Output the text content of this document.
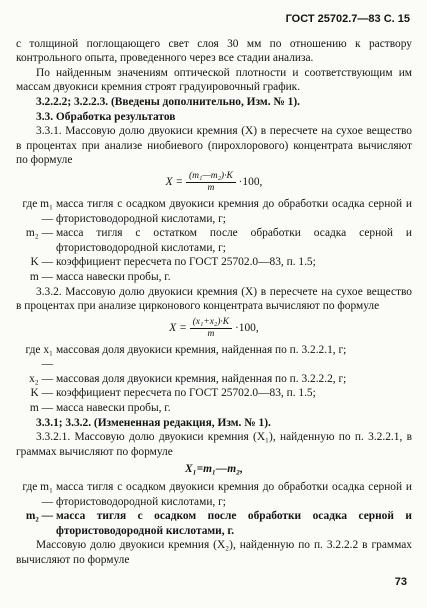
ГОСТ 25702.7—83 С. 15

с толщиной поглощающего свет слоя 30 мм по отношению к раствору контрольного опыта, проведенного через все стадии анализа.

По найденным значениям оптической плотности и соответствующим им массам двуокиси кремния строят градуировочный график.

3.2.2.2; 3.2.2.3. (Введены дополнительно, Изм. № 1).

3.3. Обработка результатов

3.3.1. Массовую долю двуокиси кремния (X) в пересчете на сухое вещество в процентах при анализе ниобиевого (пирохлорового) концентрата вычисляют по формуле

$X = \frac{\text{(m₁—m₂)·K}}{m} \cdot 100$,
где m₁ —
масса тигля с осадком двуокиси кремния до обработки осадка серной и фтористоводородной кислотами, г;
m₂ — масса тигля с остатком после обработки осадка серной и фтористоводородной кислотами, г;
K — коэффициент пересчета по ГОСТ 25702.0—83, п. 1.5;
m — масса навески пробы, г.

3.3.2. Массовую долю двуокиси кремния (X) в пересчете на сухое вещество в процентах при анализе цирконового концентрата вычисляют по формуле

$X = \frac{\text{(x₁+x₂)·K}}{m} \cdot 100$,
где x₁ —
массовая доля двуокиси кремния, найденная по п. 3.2.2.1, г;
x₂ — массовая доля двуокиси кремния, найденная по п. 3.2.2.2, г;
K — коэффициент пересчета по ГОСТ 25702.0—83, п. 1.5;
m — масса навески пробы, г.

3.3.1; 3.3.2. (Измененная редакция, Изм. № 1).

3.3.2.1. Массовую долю двуокиси кремния (X₁), найденную по п. 3.2.2.1, в граммах вычисляют по формуле

X₁=m₁—m₂,
где m₁ —
масса тигля с осадком двуокиси кремния до обработки осадка серной и фтористоводородной кислотами, г;
m₂ — масса тигля с осадком после обработки осадка серной и фтористоводородной кислотами, г.

Массовую долю двуокиси кремния (X₂), найденную по п. 3.2.2.2 в граммах вычисляют по формуле

73
